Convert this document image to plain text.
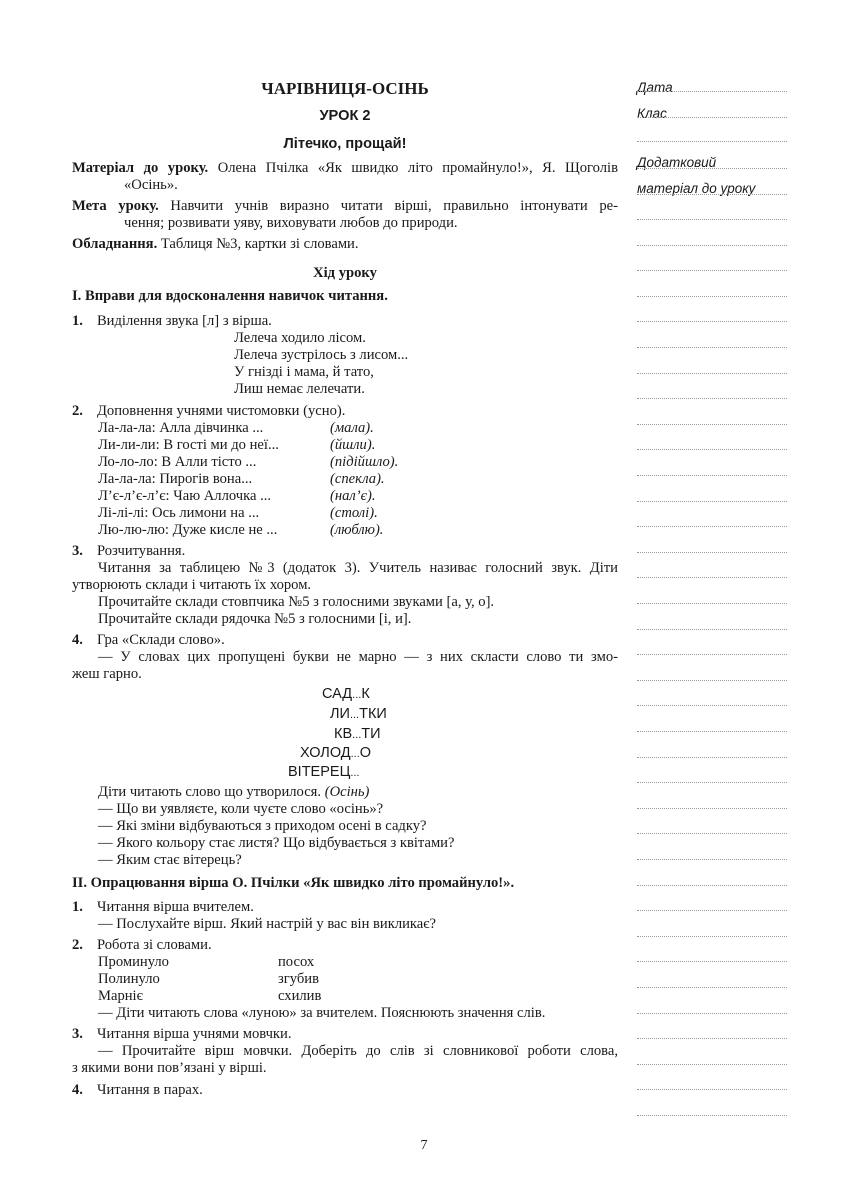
ЧАРІВНИЦЯ-ОСІНЬ
УРОК 2
Літечко, прощай!
Матеріал до уроку. Олена Пчілка «Як швидко літо промайнуло!», Я. Щоголів
«Осінь».
Мета уроку. Навчити учнів виразно читати вірші, правильно інтонувати ре-
чення; розвивати уяву, виховувати любов до природи.
Обладнання. Таблиця №3, картки зі словами.
Хід уроку
I. Вправи для вдосконалення навичок читання.
1. Виділення звука [л] з вірша.
Лелеча ходило лісом.
Лелеча зустрілось з лисом...
У гнізді і мама, й тато,
Лиш немає лелечати.
2. Доповнення учнями чистомовки (усно).
Ла-ла-ла: Алла дівчинка ...	(мала).
Ли-ли-ли: В гості ми до неї...	(йшли).
Ло-ло-ло: В Алли тісто ...	(підійшло).
Ла-ла-ла: Пирогів вона...	(спекла).
Л’є-л’є-л’є: Чаю Аллочка ...	(нал’є).
Лі-лі-лі: Ось лимони на ...	(столі).
Лю-лю-лю: Дуже кисле не ...	(люблю).
3. Розчитування.
Читання за таблицею №3 (додаток 3). Учитель називає голосний звук. Діти
утворюють склади і читають їх хором.
Прочитайте склади стовпчика №5 з голосними звуками [а, у, о].
Прочитайте склади рядочка №5 з голосними [і, и].
4. Гра «Склади слово».
— У словах цих пропущені букви не марно — з них скласти слово ти змо-
жеш гарно.
САД...К
ЛИ...ТКИ
КВ...ТИ
ХОЛОД...О
ВІТЕРЕЦ...
Діти читають слово що утворилося. (Осінь)
— Що ви уявляєте, коли чуєте слово «осінь»?
— Які зміни відбуваються з приходом осені в садку?
— Якого кольору стає листя? Що відбувається з квітами?
— Яким стає вітерець?
II. Опрацювання вірша О. Пчілки «Як швидко літо промайнуло!».
1. Читання вірша вчителем.
— Послухайте вірш. Який настрій у вас він викликає?
2. Робота зі словами.
Проминуло	посох
Полинуло	згубив
Марніє	схилив
— Діти читають слова «луною» за вчителем. Пояснюють значення слів.
3. Читання вірша учнями мовчки.
— Прочитайте вірш мовчки. Доберіть до слів зі словникової роботи слова,
з якими вони пов’язані у вірші.
4. Читання в парах.
Дата
Клас
Додатковий
матеріал до уроку
7
